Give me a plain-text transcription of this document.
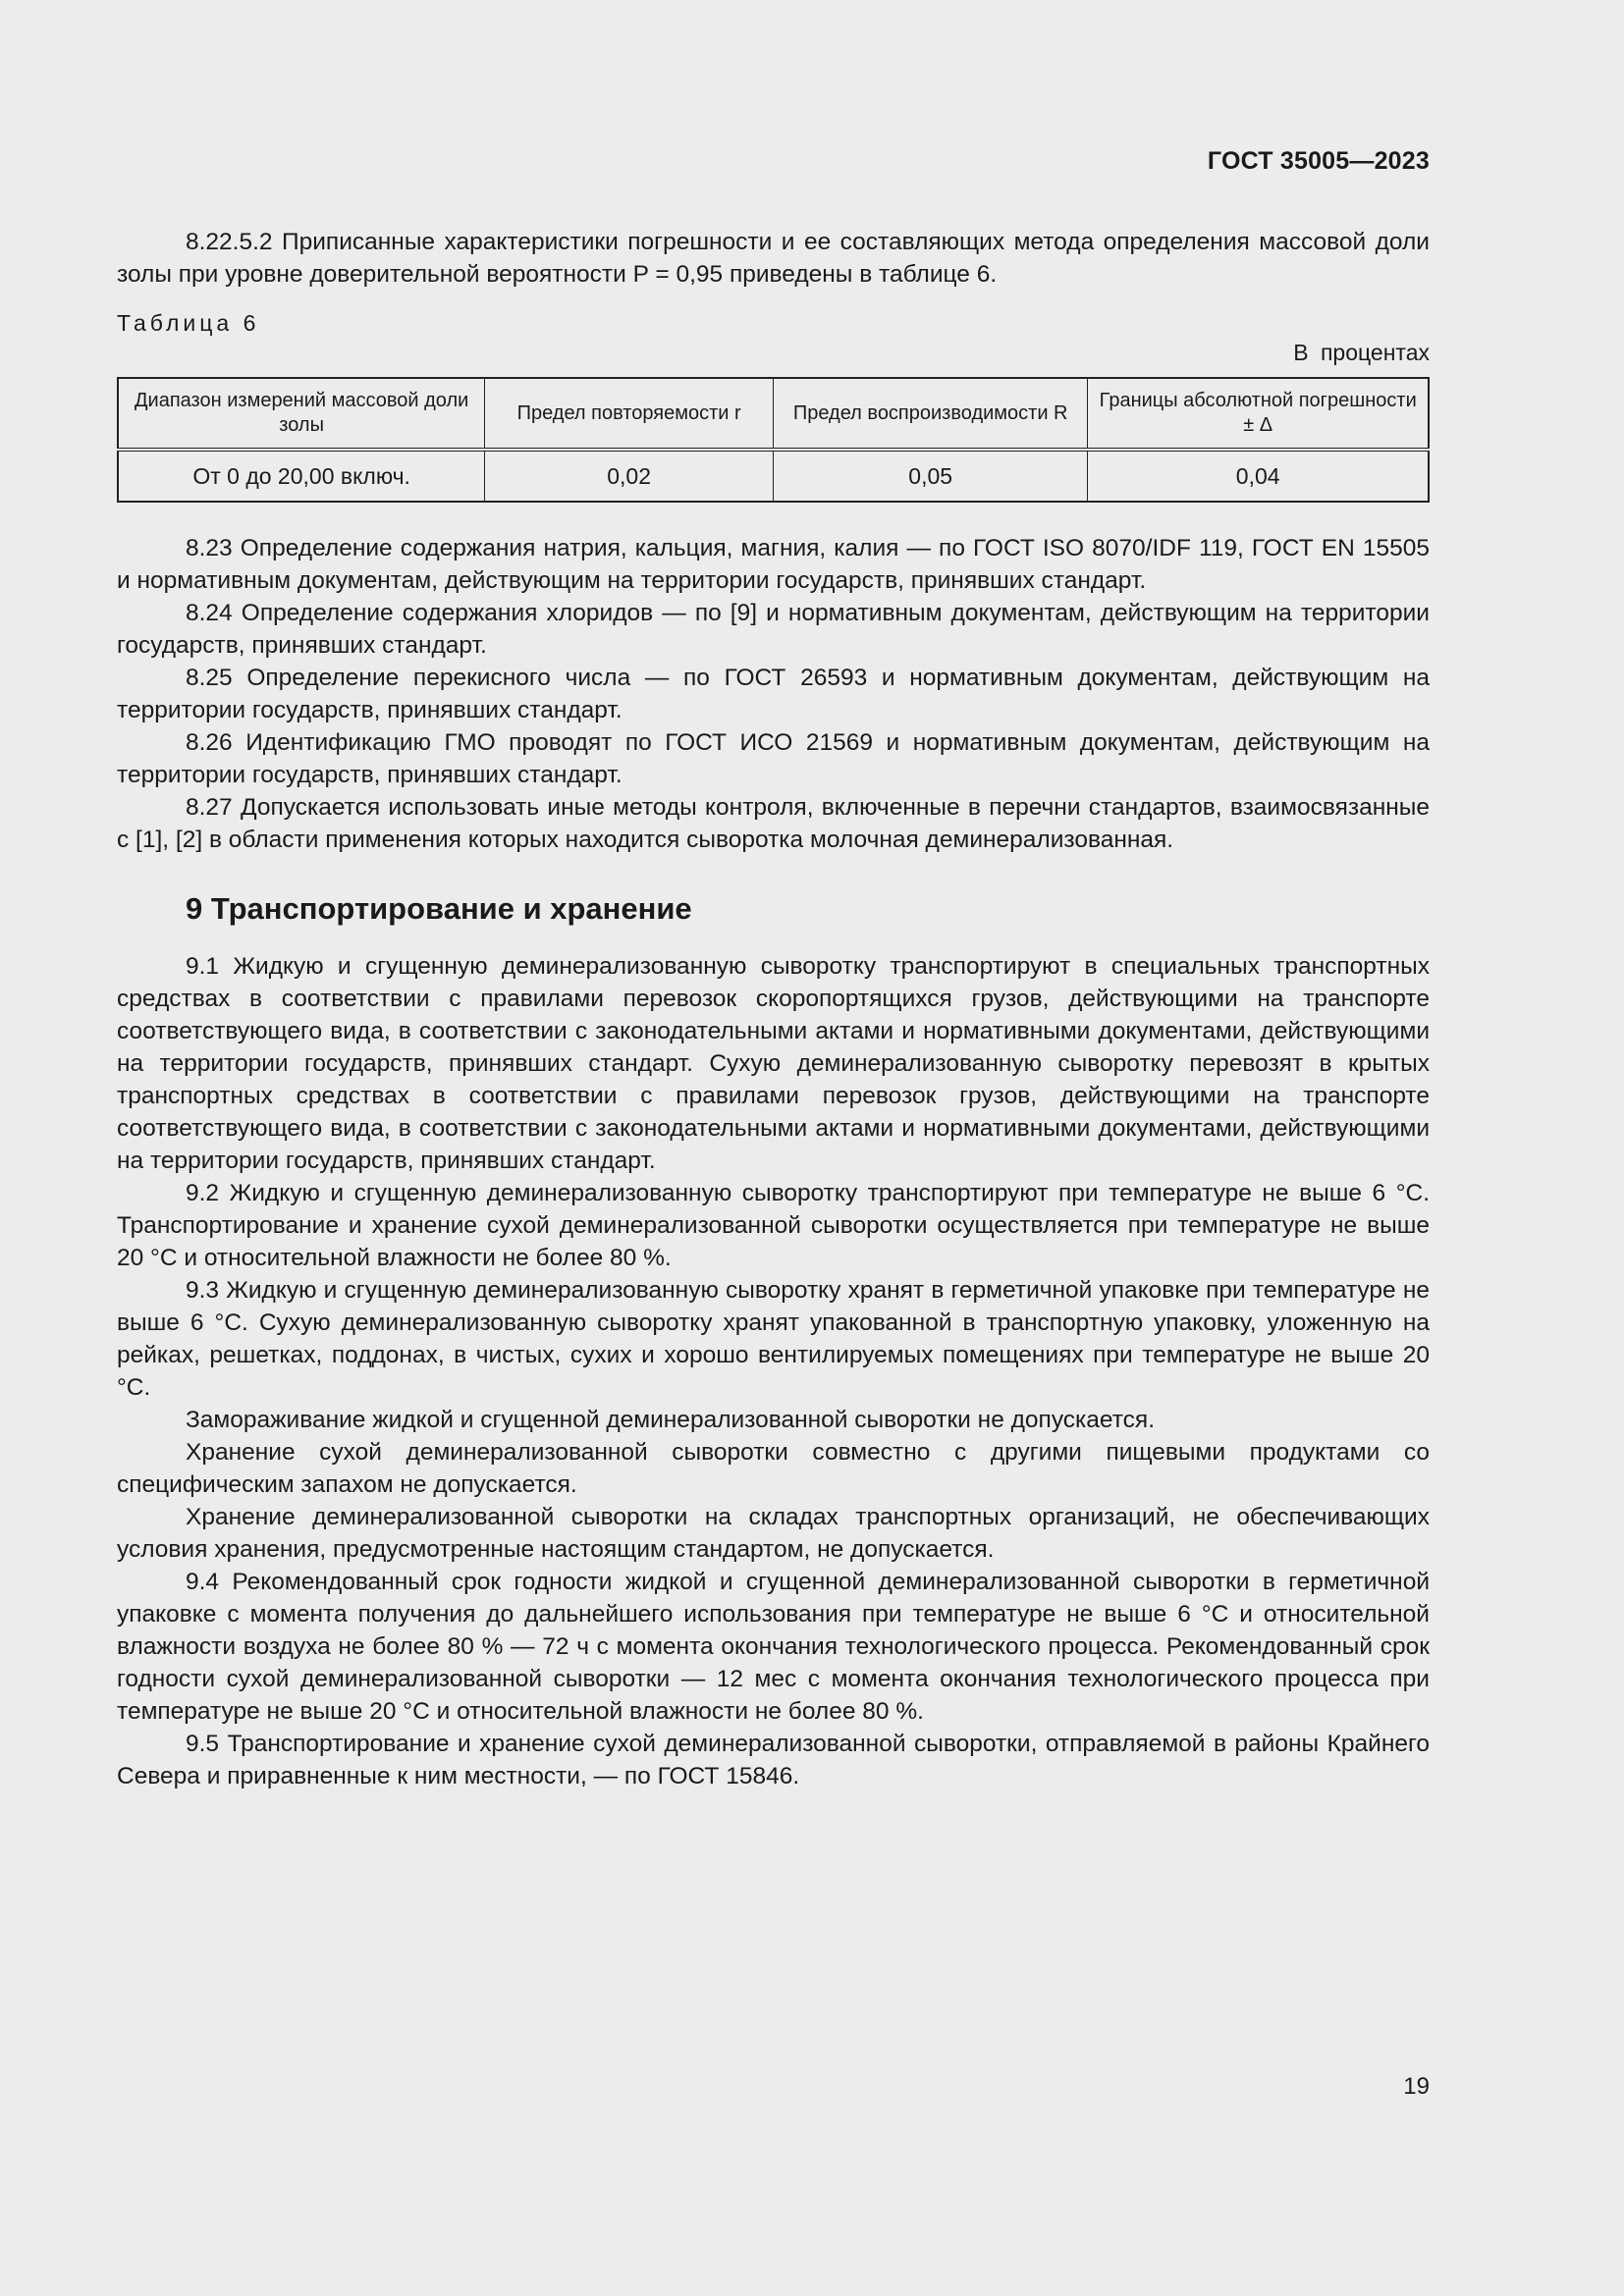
ГОСТ 35005—2023

8.22.5.2 Приписанные характеристики погрешности и ее составляющих метода определения массовой доли золы при уровне доверительной вероятности P = 0,95 приведены в таблице 6.

Таблица 6
В процентах
Диапазон измерений массовой доли золы	Предел повторяемости r	Предел воспроизводимости R	Границы абсолютной погрешности ± Δ
От 0 до 20,00 включ.	0,02	0,05	0,04

8.23 Определение содержания натрия, кальция, магния, калия — по ГОСТ ISO 8070/IDF 119, ГОСТ EN 15505 и нормативным документам, действующим на территории государств, принявших стандарт.

8.24 Определение содержания хлоридов — по [9] и нормативным документам, действующим на территории государств, принявших стандарт.

8.25 Определение перекисного числа — по ГОСТ 26593 и нормативным документам, действующим на территории государств, принявших стандарт.

8.26 Идентификацию ГМО проводят по ГОСТ ИСО 21569 и нормативным документам, действующим на территории государств, принявших стандарт.

8.27 Допускается использовать иные методы контроля, включенные в перечни стандартов, взаимосвязанные с [1], [2] в области применения которых находится сыворотка молочная деминерализованная.

9 Транспортирование и хранение

9.1 Жидкую и сгущенную деминерализованную сыворотку транспортируют в специальных транспортных средствах в соответствии с правилами перевозок скоропортящихся грузов, действующими на транспорте соответствующего вида, в соответствии с законодательными актами и нормативными документами, действующими на территории государств, принявших стандарт. Сухую деминерализованную сыворотку перевозят в крытых транспортных средствах в соответствии с правилами перевозок грузов, действующими на транспорте соответствующего вида, в соответствии с законодательными актами и нормативными документами, действующими на территории государств, принявших стандарт.

9.2 Жидкую и сгущенную деминерализованную сыворотку транспортируют при температуре не выше 6 °С. Транспортирование и хранение сухой деминерализованной сыворотки осуществляется при температуре не выше 20 °С и относительной влажности не более 80 %.

9.3 Жидкую и сгущенную деминерализованную сыворотку хранят в герметичной упаковке при температуре не выше 6 °С. Сухую деминерализованную сыворотку хранят упакованной в транспортную упаковку, уложенную на рейках, решетках, поддонах, в чистых, сухих и хорошо вентилируемых помещениях при температуре не выше 20 °С.

Замораживание жидкой и сгущенной деминерализованной сыворотки не допускается.

Хранение сухой деминерализованной сыворотки совместно с другими пищевыми продуктами со специфическим запахом не допускается.

Хранение деминерализованной сыворотки на складах транспортных организаций, не обеспечивающих условия хранения, предусмотренные настоящим стандартом, не допускается.

9.4 Рекомендованный срок годности жидкой и сгущенной деминерализованной сыворотки в герметичной упаковке с момента получения до дальнейшего использования при температуре не выше 6 °С и относительной влажности воздуха не более 80 % — 72 ч с момента окончания технологического процесса. Рекомендованный срок годности сухой деминерализованной сыворотки — 12 мес с момента окончания технологического процесса при температуре не выше 20 °С и относительной влажности не более 80 %.

9.5 Транспортирование и хранение сухой деминерализованной сыворотки, отправляемой в районы Крайнего Севера и приравненные к ним местности, — по ГОСТ 15846.

19
